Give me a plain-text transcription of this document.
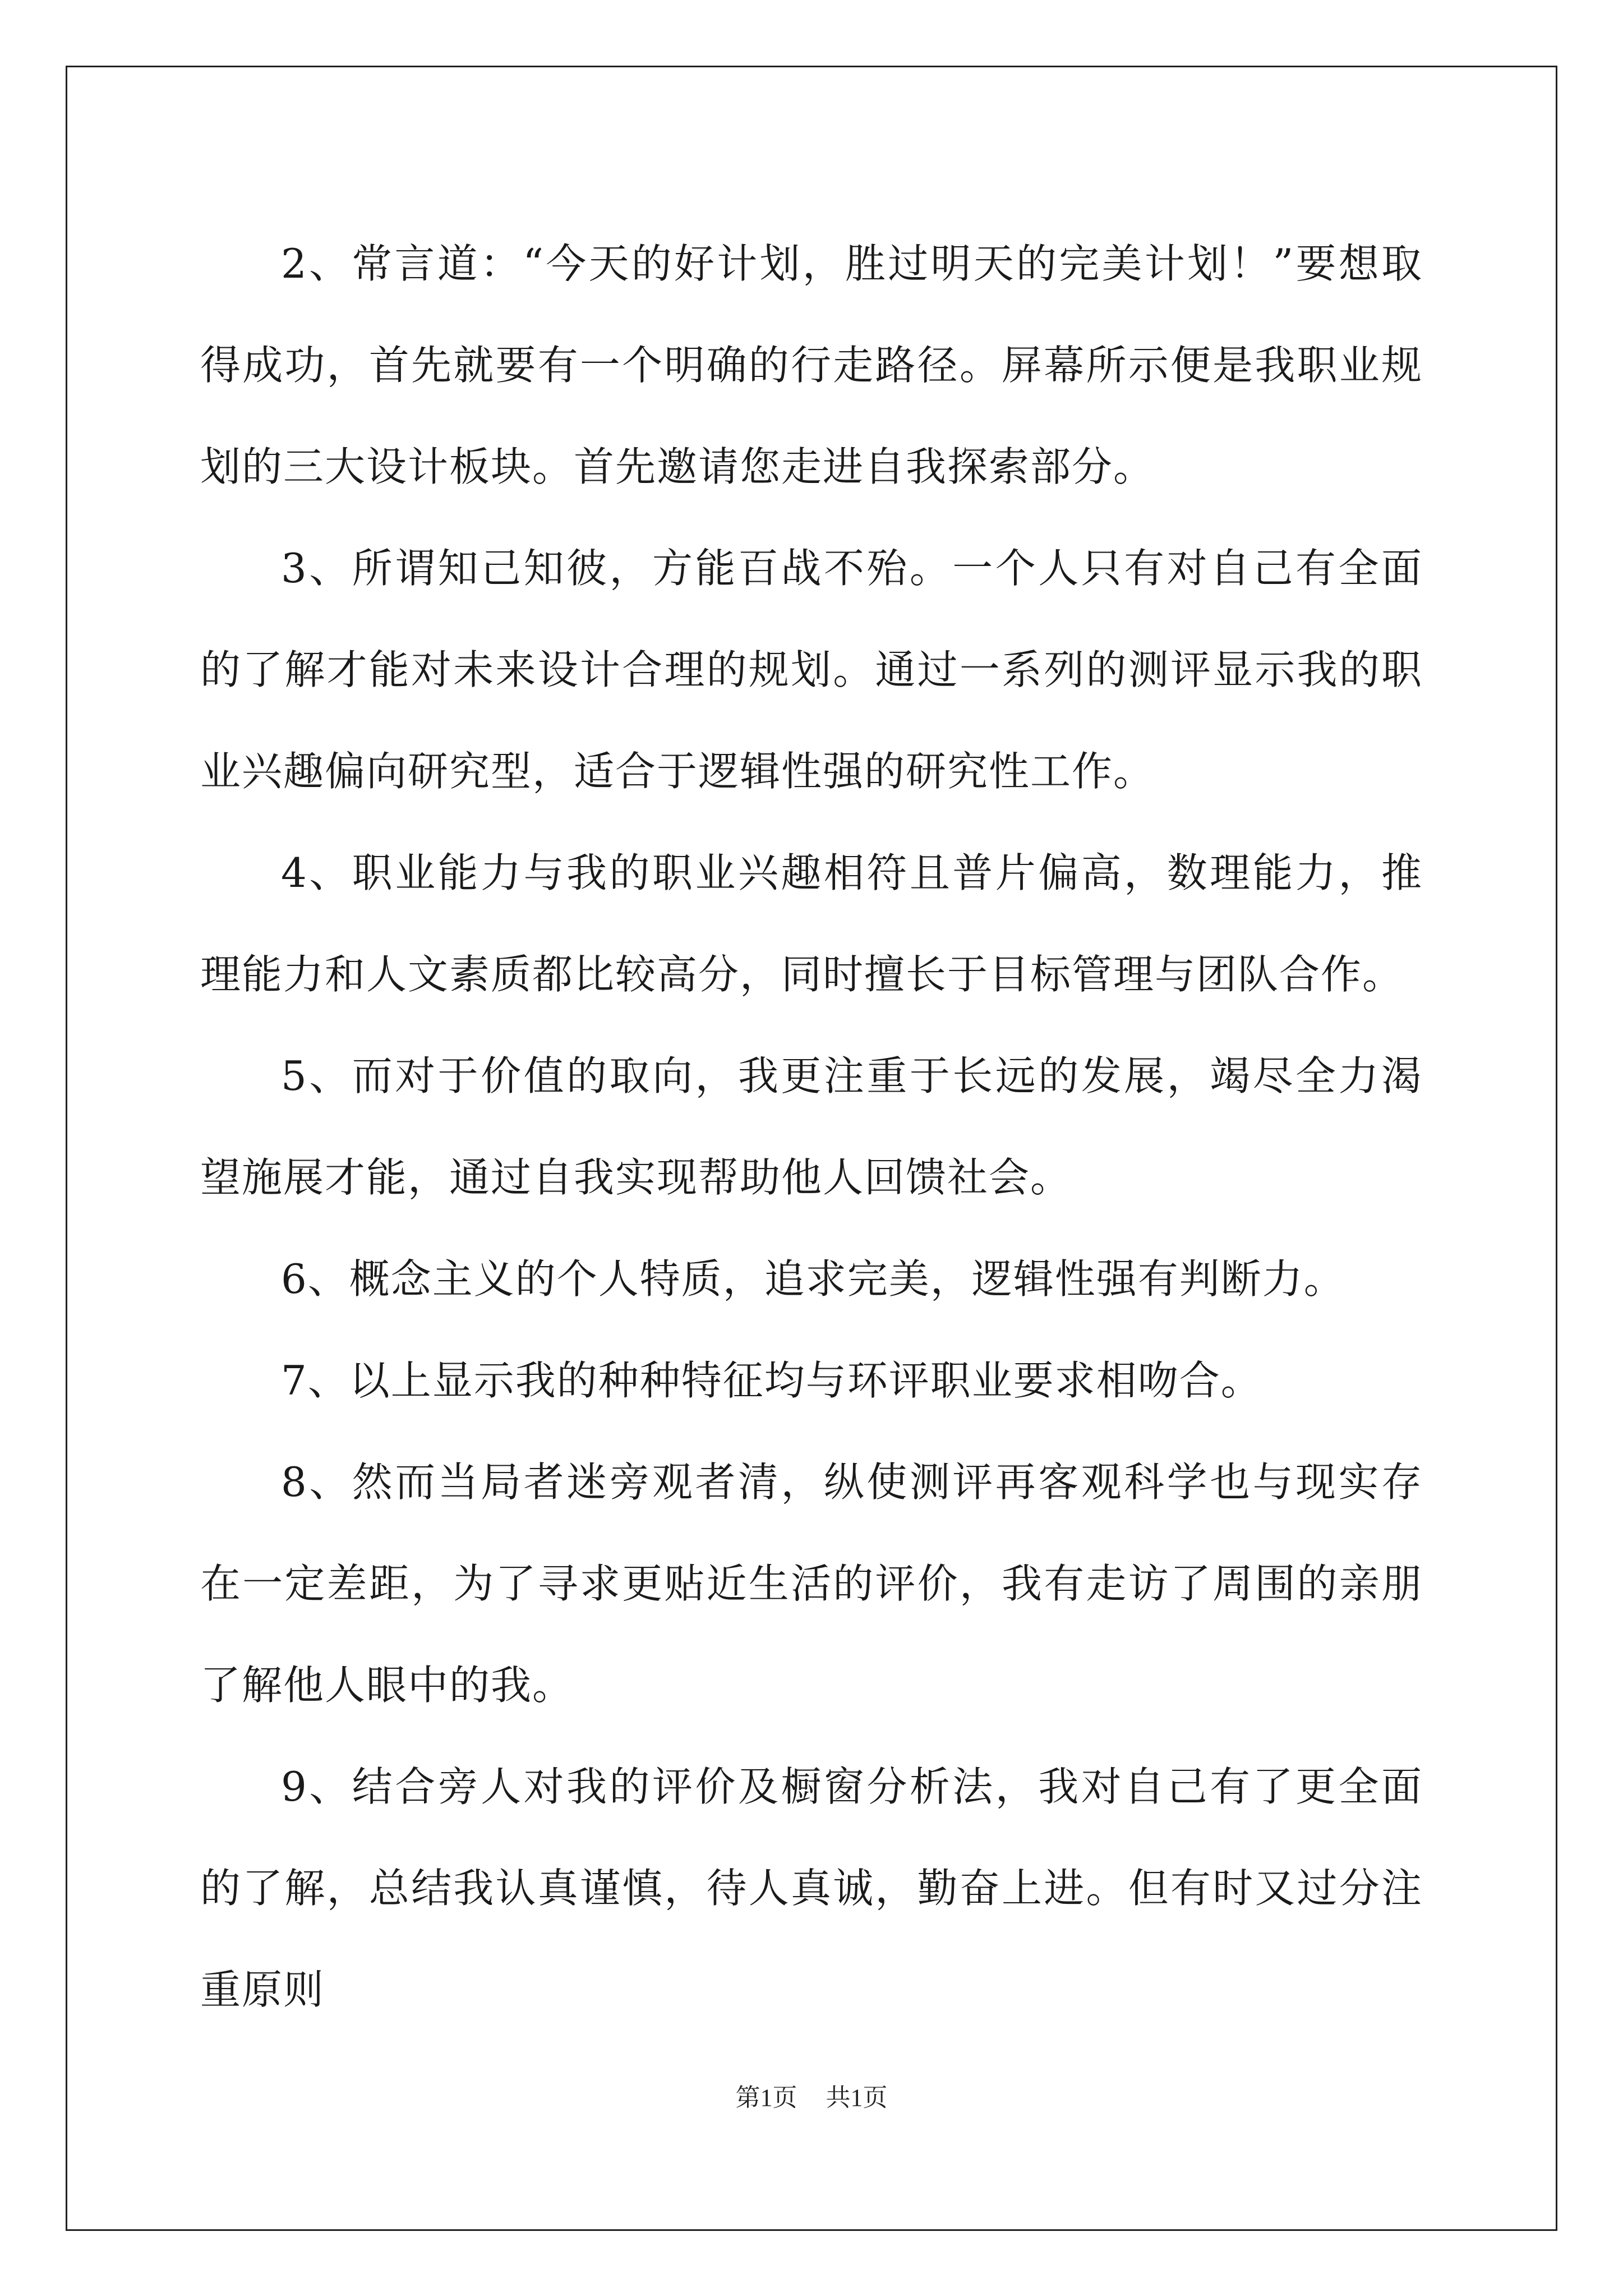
2、常言道：“今天的好计划，胜过明天的完美计划！”要想取得成功，首先就要有一个明确的行走路径。屏幕所示便是我职业规划的三大设计板块。首先邀请您走进自我探索部分。

3、所谓知己知彼，方能百战不殆。一个人只有对自己有全面的了解才能对未来设计合理的规划。通过一系列的测评显示我的职业兴趣偏向研究型，适合于逻辑性强的研究性工作。

4、职业能力与我的职业兴趣相符且普片偏高，数理能力，推理能力和人文素质都比较高分，同时擅长于目标管理与团队合作。

5、而对于价值的取向，我更注重于长远的发展，竭尽全力渴望施展才能，通过自我实现帮助他人回馈社会。

6、概念主义的个人特质，追求完美，逻辑性强有判断力。

7、以上显示我的种种特征均与环评职业要求相吻合。

8、然而当局者迷旁观者清，纵使测评再客观科学也与现实存在一定差距，为了寻求更贴近生活的评价，我有走访了周围的亲朋了解他人眼中的我。

9、结合旁人对我的评价及橱窗分析法，我对自己有了更全面的了解，总结我认真谨慎，待人真诚，勤奋上进。但有时又过分注重原则

第1页 共1页
